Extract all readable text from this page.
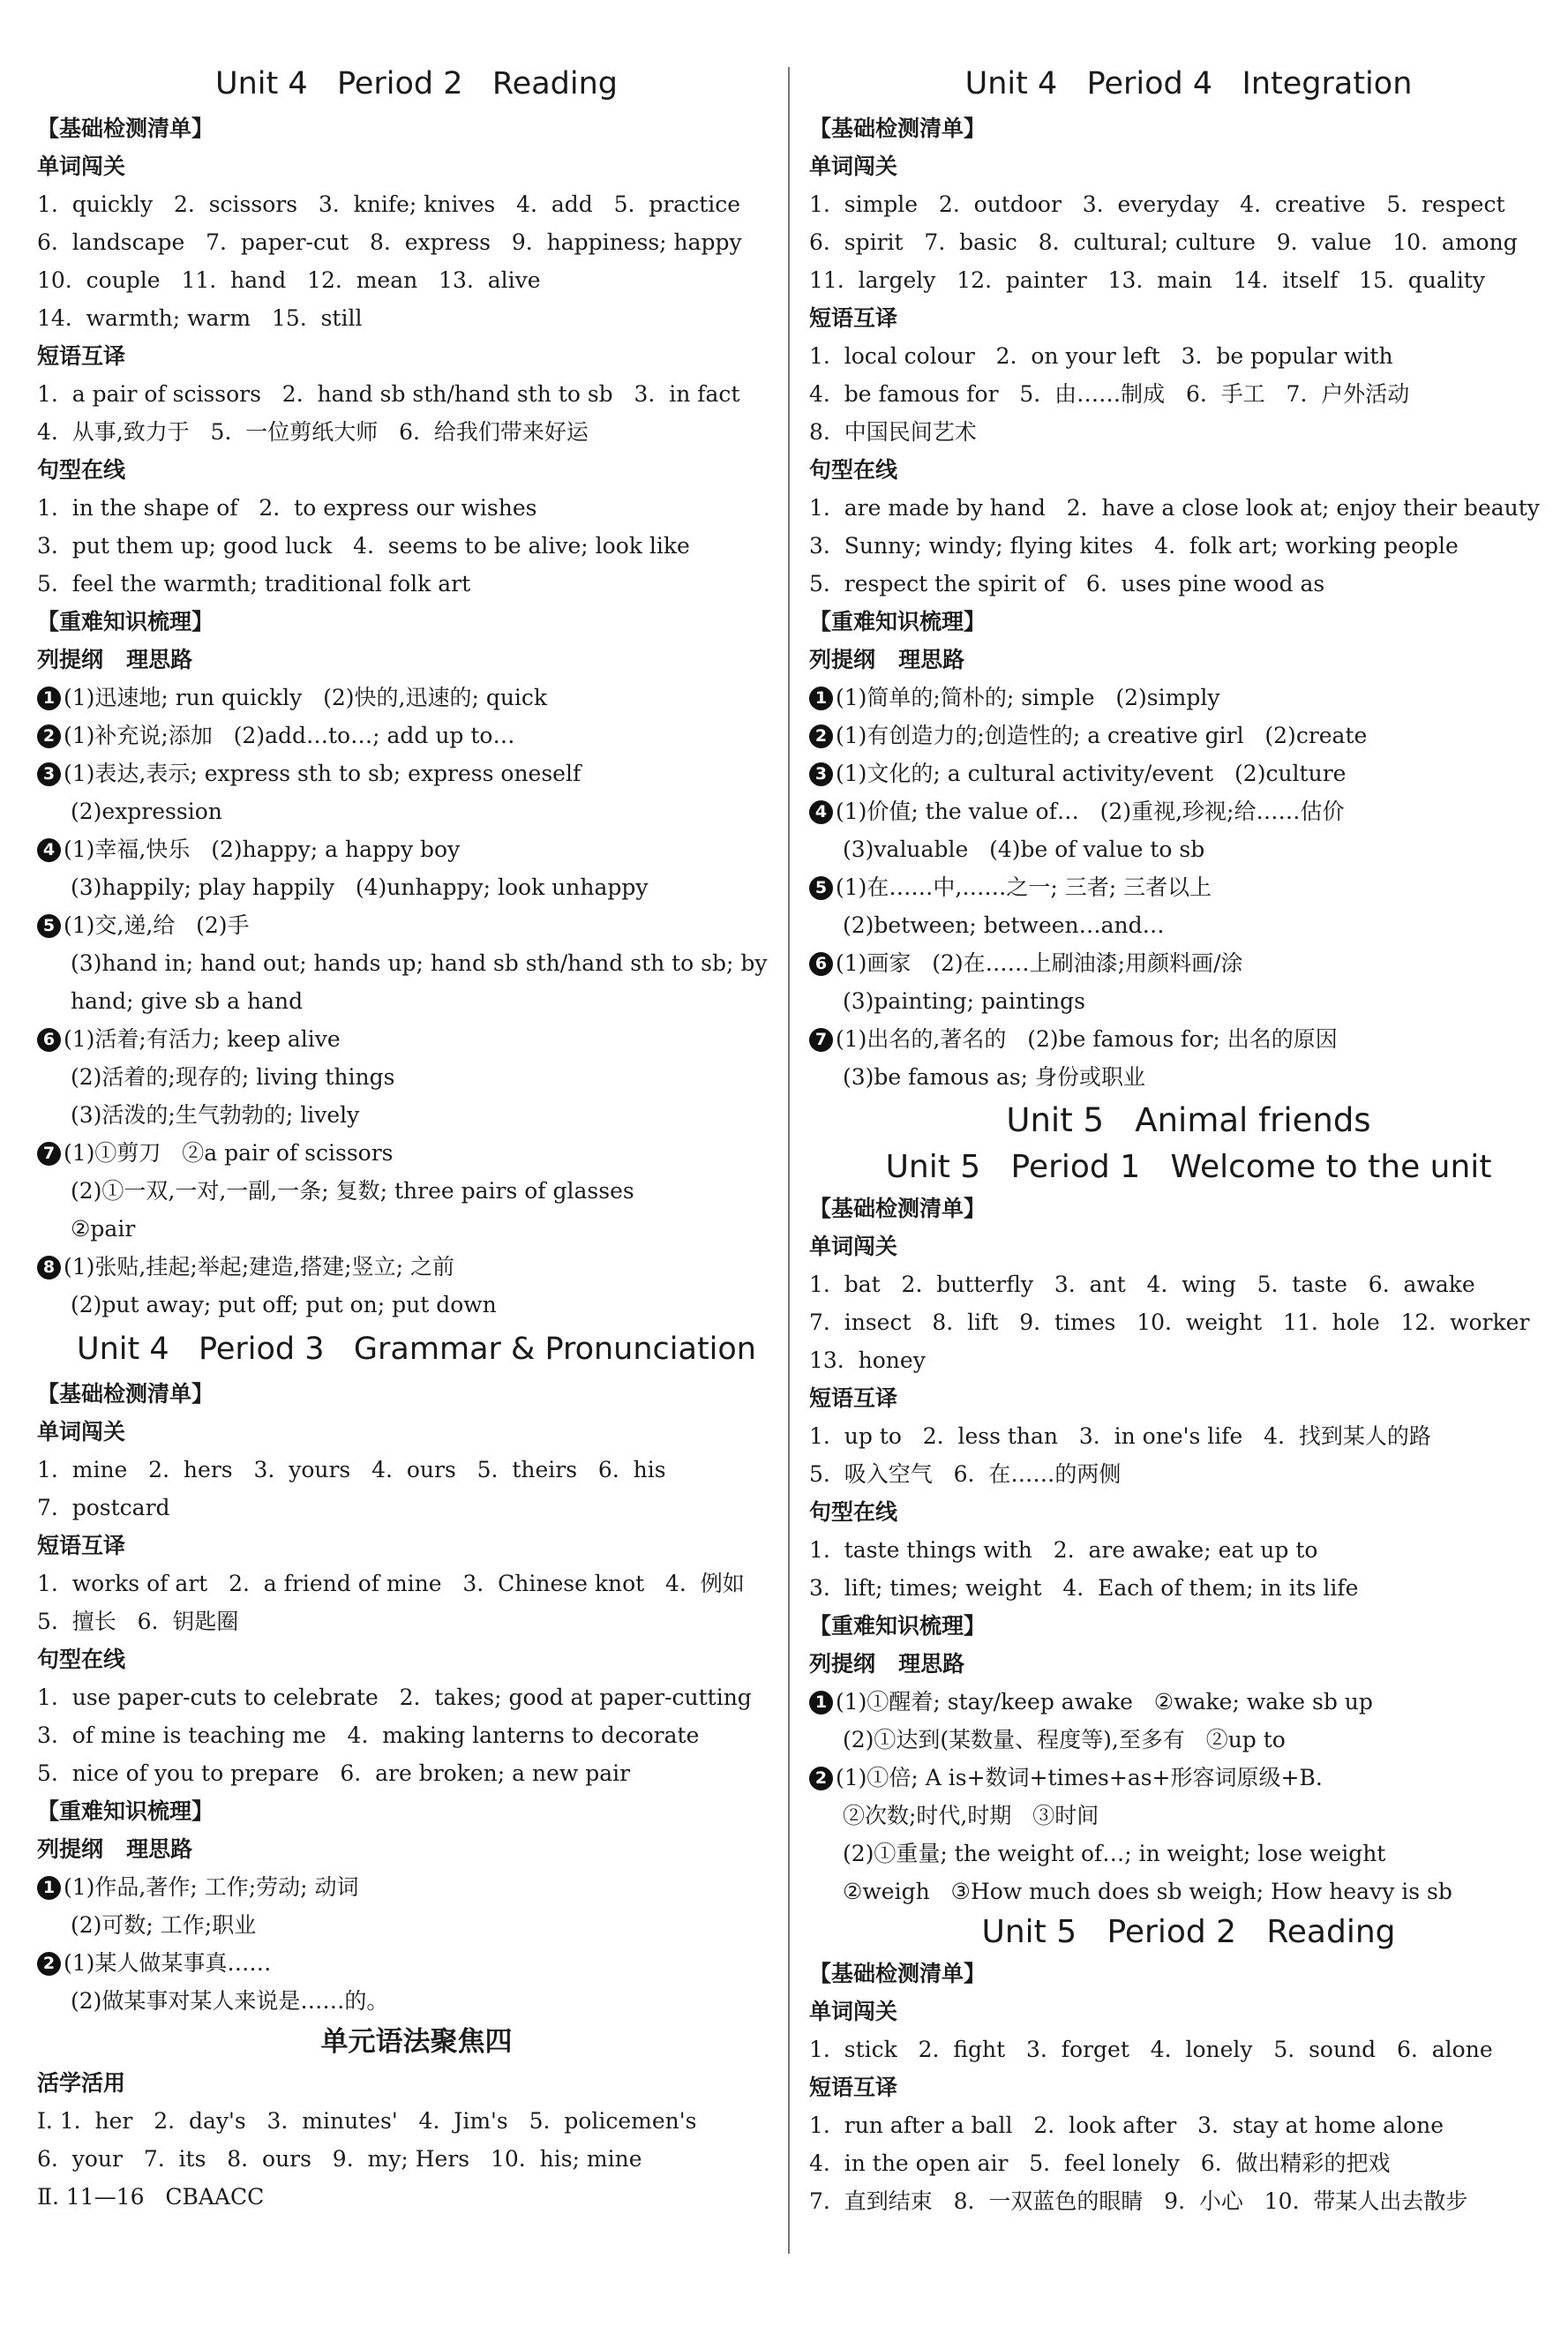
Unit 4   Period 2   Reading
【基础检测清单】
单词闯关
1.  quickly   2.  scissors   3.  knife; knives   4.  add   5.  practice
6.  landscape   7.  paper-cut   8.  express   9.  happiness; happy
10.  couple   11.  hand   12.  mean   13.  alive
14.  warmth; warm   15.  still
短语互译
1.  a pair of scissors   2.  hand sb sth/hand sth to sb   3.  in fact
4.  从事,致力于   5.  一位剪纸大师   6.  给我们带来好运
句型在线
1.  in the shape of   2.  to express our wishes
3.  put them up; good luck   4.  seems to be alive; look like
5.  feel the warmth; traditional folk art
【重难知识梳理】
列提纲   理思路
1 (1)迅速地; run quickly   (2)快的,迅速的; quick
2 (1)补充说;添加   (2)add…to…; add up to…
3 (1)表达,表示; express sth to sb; express oneself
(2)expression
4 (1)幸福,快乐   (2)happy; a happy boy
(3)happily; play happily   (4)unhappy; look unhappy
5 (1)交,递,给   (2)手
(3)hand in; hand out; hands up; hand sb sth/hand sth to sb; by
hand; give sb a hand
6 (1)活着;有活力; keep alive
(2)活着的;现存的; living things
(3)活泼的;生气勃勃的; lively
7 (1)①剪刀   ②a pair of scissors
(2)①一双,一对,一副,一条; 复数; three pairs of glasses
②pair
8 (1)张贴,挂起;举起;建造,搭建;竖立; 之前
(2)put away; put off; put on; put down
Unit 4   Period 3   Grammar & Pronunciation
【基础检测清单】
单词闯关
1.  mine   2.  hers   3.  yours   4.  ours   5.  theirs   6.  his
7.  postcard
短语互译
1.  works of art   2.  a friend of mine   3.  Chinese knot   4.  例如
5.  擅长   6.  钥匙圈
句型在线
1.  use paper-cuts to celebrate   2.  takes; good at paper-cutting
3.  of mine is teaching me   4.  making lanterns to decorate
5.  nice of you to prepare   6.  are broken; a new pair
【重难知识梳理】
列提纲   理思路
1 (1)作品,著作; 工作;劳动; 动词
(2)可数; 工作;职业
2 (1)某人做某事真……
(2)做某事对某人来说是……的。
单元语法聚焦四
活学活用
Ⅰ. 1.  her   2.  day's   3.  minutes'   4.  Jim's   5.  policemen's
6.  your   7.  its   8.  ours   9.  my; Hers   10.  his; mine
Ⅱ. 11—16   CBAACC
Unit 4   Period 4   Integration
【基础检测清单】
单词闯关
1.  simple   2.  outdoor   3.  everyday   4.  creative   5.  respect
6.  spirit   7.  basic   8.  cultural; culture   9.  value   10.  among
11.  largely   12.  painter   13.  main   14.  itself   15.  quality
短语互译
1.  local colour   2.  on your left   3.  be popular with
4.  be famous for   5.  由……制成   6.  手工   7.  户外活动
8.  中国民间艺术
句型在线
1.  are made by hand   2.  have a close look at; enjoy their beauty
3.  Sunny; windy; flying kites   4.  folk art; working people
5.  respect the spirit of   6.  uses pine wood as
【重难知识梳理】
列提纲   理思路
1 (1)简单的;简朴的; simple   (2)simply
2 (1)有创造力的;创造性的; a creative girl   (2)create
3 (1)文化的; a cultural activity/event   (2)culture
4 (1)价值; the value of…   (2)重视,珍视;给……估价
(3)valuable   (4)be of value to sb
5 (1)在……中,……之一; 三者; 三者以上
(2)between; between…and…
6 (1)画家   (2)在……上刷油漆;用颜料画/涂
(3)painting; paintings
7 (1)出名的,著名的   (2)be famous for; 出名的原因
(3)be famous as; 身份或职业
Unit 5   Animal friends
Unit 5   Period 1   Welcome to the unit
【基础检测清单】
单词闯关
1.  bat   2.  butterfly   3.  ant   4.  wing   5.  taste   6.  awake
7.  insect   8.  lift   9.  times   10.  weight   11.  hole   12.  worker
13.  honey
短语互译
1.  up to   2.  less than   3.  in one's life   4.  找到某人的路
5.  吸入空气   6.  在……的两侧
句型在线
1.  taste things with   2.  are awake; eat up to
3.  lift; times; weight   4.  Each of them; in its life
【重难知识梳理】
列提纲   理思路
1 (1)①醒着; stay/keep awake   ②wake; wake sb up
(2)①达到(某数量、程度等),至多有   ②up to
2 (1)①倍; A is+数词+times+as+形容词原级+B.
②次数;时代,时期   ③时间
(2)①重量; the weight of…; in weight; lose weight
②weigh   ③How much does sb weigh; How heavy is sb
Unit 5   Period 2   Reading
【基础检测清单】
单词闯关
1.  stick   2.  fight   3.  forget   4.  lonely   5.  sound   6.  alone
短语互译
1.  run after a ball   2.  look after   3.  stay at home alone
4.  in the open air   5.  feel lonely   6.  做出精彩的把戏
7.  直到结束   8.  一双蓝色的眼睛   9.  小心   10.  带某人出去散步
